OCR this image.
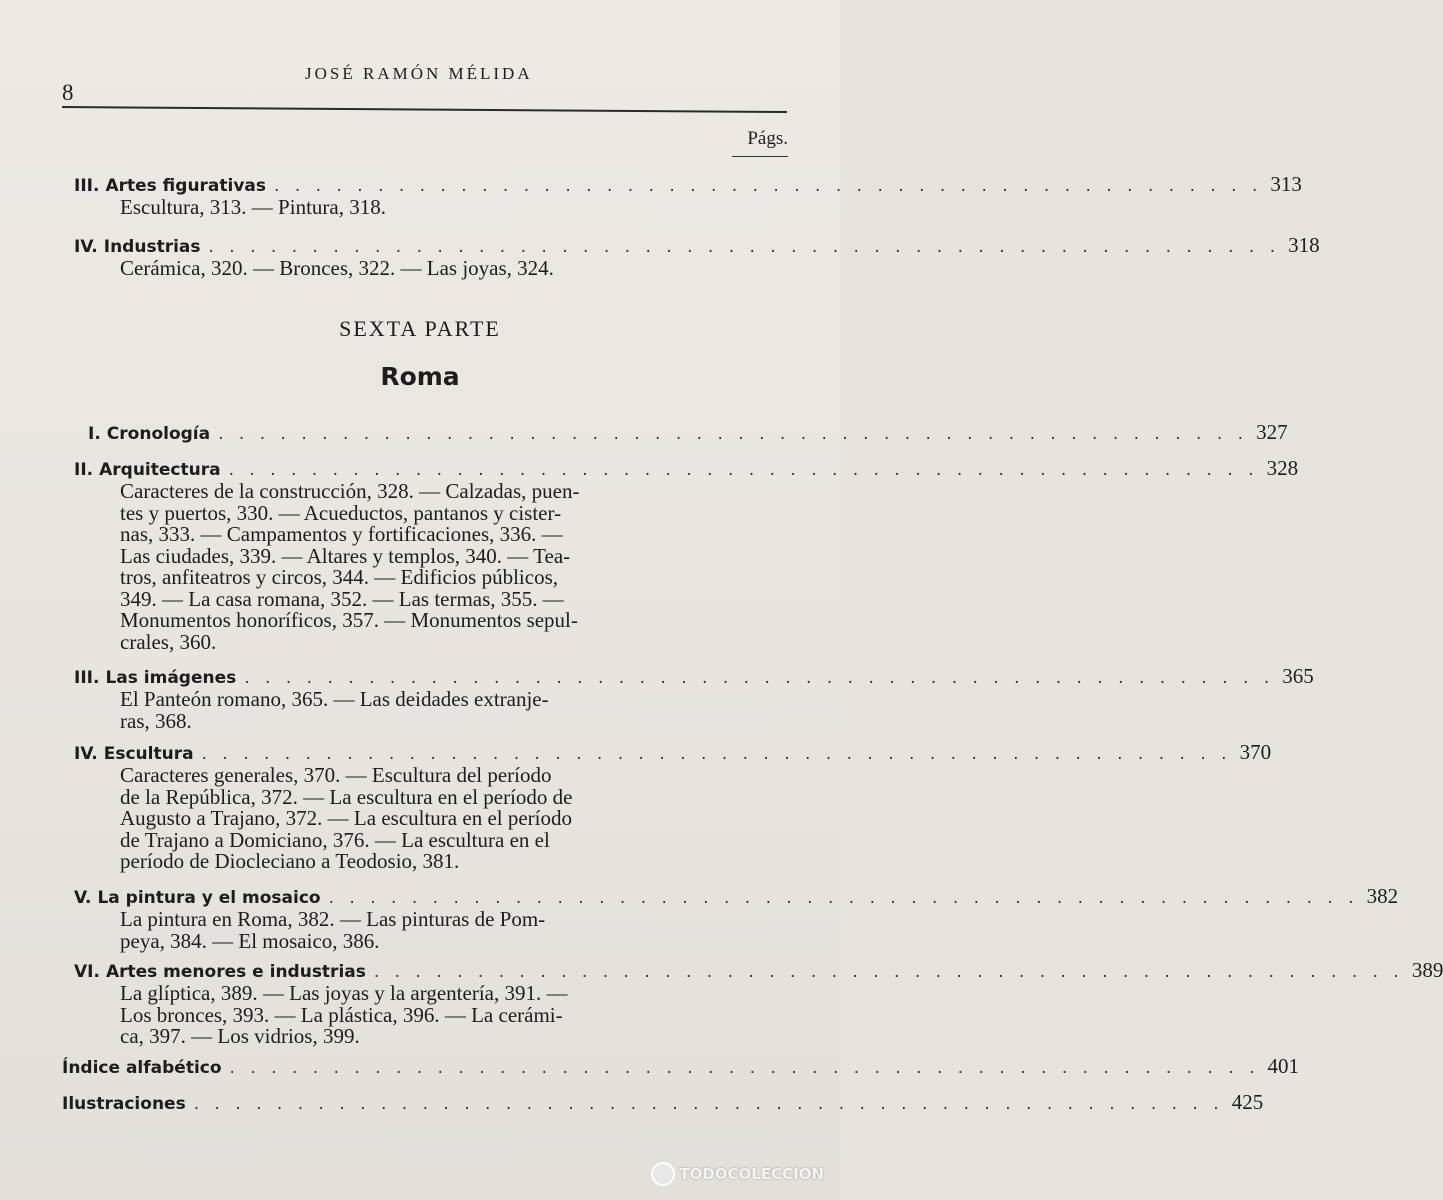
8
JOSÉ RAMÓN MÉLIDA
Págs.
III. Artes figurativas . . . . . . . . . . . . . . . . . . . . . . . . . . . . . . . . . . . . . . . . . . . . . . . . 313
Escultura, 313. — Pintura, 318.
IV. Industrias . . . . . . . . . . . . . . . . . . . . . . . . . . . . . . . . . . . . . . . . . . . . . . . . . . . . 318
Cerámica, 320. — Bronces, 322. — Las joyas, 324.
SEXTA PARTE
Roma
I. Cronología . . . . . . . . . . . . . . . . . . . . . . . . . . . . . . . . . . . . . . . . . . . . . . . . . . 327
II. Arquitectura . . . . . . . . . . . . . . . . . . . . . . . . . . . . . . . . . . . . . . . . . . . . . . . . . . 328
Caracteres de la construcción, 328. — Calzadas, puen-
tes y puertos, 330. — Acueductos, pantanos y cister-
nas, 333. — Campamentos y fortificaciones, 336. —
Las ciudades, 339. — Altares y templos, 340. — Tea-
tros, anfiteatros y circos, 344. — Edificios públicos,
349. — La casa romana, 352. — Las termas, 355. —
Monumentos honoríficos, 357. — Monumentos sepul-
crales, 360.
III. Las imágenes . . . . . . . . . . . . . . . . . . . . . . . . . . . . . . . . . . . . . . . . . . . . . . . . . . 365
El Panteón romano, 365. — Las deidades extranje-
ras, 368.
IV. Escultura . . . . . . . . . . . . . . . . . . . . . . . . . . . . . . . . . . . . . . . . . . . . . . . . . . 370
Caracteres generales, 370. — Escultura del período
de la República, 372. — La escultura en el período de
Augusto a Trajano, 372. — La escultura en el período
de Trajano a Domiciano, 376. — La escultura en el
período de Diocleciano a Teodosio, 381.
V. La pintura y el mosaico . . . . . . . . . . . . . . . . . . . . . . . . . . . . . . . . . . . . . . . . . . . . . . . . . . 382
La pintura en Roma, 382. — Las pinturas de Pom-
peya, 384. — El mosaico, 386.
VI. Artes menores e industrias . . . . . . . . . . . . . . . . . . . . . . . . . . . . . . . . . . . . . . . . . . . . . . . . . . 389
La glíptica, 389. — Las joyas y la argentería, 391. —
Los bronces, 393. — La plástica, 396. — La cerámi-
ca, 397. — Los vidrios, 399.
Índice alfabético . . . . . . . . . . . . . . . . . . . . . . . . . . . . . . . . . . . . . . . . . . . . . . . . . . 401
Ilustraciones . . . . . . . . . . . . . . . . . . . . . . . . . . . . . . . . . . . . . . . . . . . . . . . . . . 425
TODOCOLECCION
